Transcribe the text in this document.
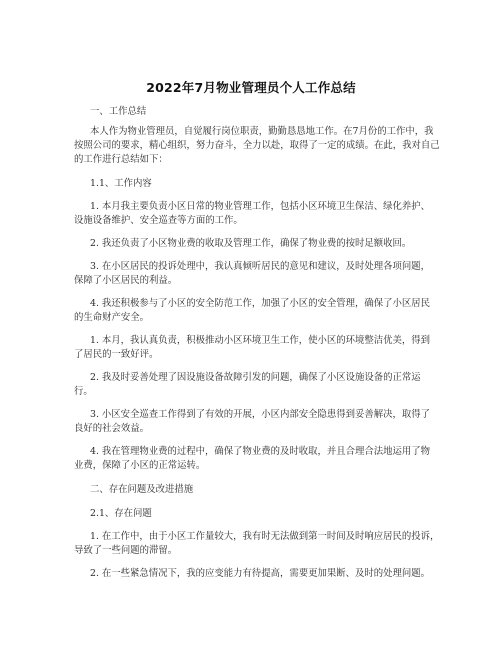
2022年7月物业管理员个人工作总结
一、工作总结
本人作为物业管理员，自觉履行岗位职责，勤勤恳恳地工作。在7月份的工作中，我
按照公司的要求，精心组织，努力奋斗，全力以赴，取得了一定的成绩。在此，我对自己
的工作进行总结如下：
1.1、工作内容
1. 本月我主要负责小区日常的物业管理工作，包括小区环境卫生保洁、绿化养护、
设施设备维护、安全巡查等方面的工作。
2. 我还负责了小区物业费的收取及管理工作，确保了物业费的按时足额收回。
3. 在小区居民的投诉处理中，我认真倾听居民的意见和建议，及时处理各项问题，
保障了小区居民的利益。
4. 我还积极参与了小区的安全防范工作，加强了小区的安全管理，确保了小区居民
的生命财产安全。
1. 本月，我认真负责，积极推动小区环境卫生工作，使小区的环境整洁优美，得到
了居民的一致好评。
2. 我及时妥善处理了因设施设备故障引发的问题，确保了小区设施设备的正常运
行。
3. 小区安全巡查工作得到了有效的开展，小区内部安全隐患得到妥善解决，取得了
良好的社会效益。
4. 我在管理物业费的过程中，确保了物业费的及时收取，并且合理合法地运用了物
业费，保障了小区的正常运转。
二、存在问题及改进措施
2.1、存在问题
1. 在工作中，由于小区工作量较大，我有时无法做到第一时间及时响应居民的投诉，
导致了一些问题的滞留。
2. 在一些紧急情况下，我的应变能力有待提高，需要更加果断、及时的处理问题。
